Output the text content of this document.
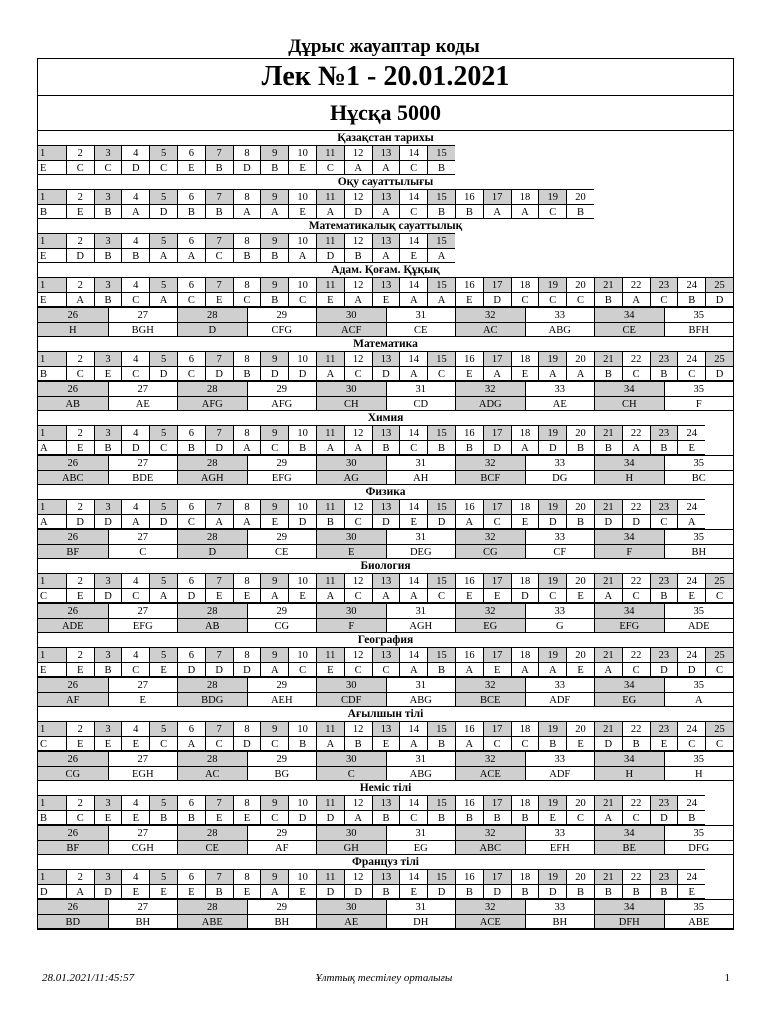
Дұрыс жауаптар коды
Лек №1 - 20.01.2021
Нұсқа 5000
Қазақстан тарихы
1	2	3	4	5	6	7	8	9	10	11	12	13	14	15
E	C	C	D	C	E	B	D	B	E	C	A	A	C	B
Оқу сауаттылығы
1	2	3	4	5	6	7	8	9	10	11	12	13	14	15	16	17	18	19	20
B	E	B	A	D	B	B	A	A	E	A	D	A	C	B	B	A	A	C	B
Математикалық сауаттылық
1	2	3	4	5	6	7	8	9	10	11	12	13	14	15
E	D	B	B	A	A	C	B	B	A	D	B	A	E	A
Адам. Қоғам. Құқық
1	2	3	4	5	6	7	8	9	10	11	12	13	14	15	16	17	18	19	20	21	22	23	24	25
E	A	B	C	A	C	E	C	B	C	E	A	E	A	A	E	D	C	C	C	B	A	C	B	D
26	27	28	29	30	31	32	33	34	35
H	BGH	D	CFG	ACF	CE	AC	ABG	CE	BFH
Математика
1	2	3	4	5	6	7	8	9	10	11	12	13	14	15	16	17	18	19	20	21	22	23	24	25
B	C	E	C	D	C	D	B	D	D	A	C	D	A	C	E	A	E	A	A	B	C	B	C	D
26	27	28	29	30	31	32	33	34	35
AB	AE	AFG	AFG	CH	CD	ADG	AE	CH	F
Химия
1	2	3	4	5	6	7	8	9	10	11	12	13	14	15	16	17	18	19	20	21	22	23	24
A	E	B	D	C	B	D	A	C	B	A	A	B	C	B	B	D	A	D	B	B	A	B	E
26	27	28	29	30	31	32	33	34	35
ABC	BDE	AGH	EFG	AG	AH	BCF	DG	H	BC
Физика
1	2	3	4	5	6	7	8	9	10	11	12	13	14	15	16	17	18	19	20	21	22	23	24
A	D	D	A	D	C	A	A	E	D	B	C	D	E	D	A	C	E	D	B	D	D	C	A
26	27	28	29	30	31	32	33	34	35
BF	C	D	CE	E	DEG	CG	CF	F	BH
Биология
1	2	3	4	5	6	7	8	9	10	11	12	13	14	15	16	17	18	19	20	21	22	23	24	25
C	E	D	C	A	D	E	E	A	E	A	C	A	A	C	E	E	D	C	E	A	C	B	E	C
26	27	28	29	30	31	32	33	34	35
ADE	EFG	AB	CG	F	AGH	EG	G	EFG	ADE
География
1	2	3	4	5	6	7	8	9	10	11	12	13	14	15	16	17	18	19	20	21	22	23	24	25
E	E	B	C	E	D	D	D	A	C	E	C	C	A	B	A	E	A	A	E	A	C	D	D	C
26	27	28	29	30	31	32	33	34	35
AF	E	BDG	AEH	CDF	ABG	BCE	ADF	EG	A
Ағылшын тілі
1	2	3	4	5	6	7	8	9	10	11	12	13	14	15	16	17	18	19	20	21	22	23	24	25
C	E	E	E	C	A	C	D	C	B	A	B	E	A	B	A	C	C	B	E	D	B	E	C	C
26	27	28	29	30	31	32	33	34	35
CG	EGH	AC	BG	C	ABG	ACE	ADF	H	H
Неміс тілі
1	2	3	4	5	6	7	8	9	10	11	12	13	14	15	16	17	18	19	20	21	22	23	24
B	C	E	E	B	B	E	E	C	D	D	A	B	C	B	B	B	B	E	C	A	C	D	B
26	27	28	29	30	31	32	33	34	35
BF	CGH	CE	AF	GH	EG	ABC	EFH	BE	DFG
Француз тілі
1	2	3	4	5	6	7	8	9	10	11	12	13	14	15	16	17	18	19	20	21	22	23	24
D	A	D	E	E	E	B	E	A	E	D	D	B	E	D	B	D	B	D	B	B	B	B	E
26	27	28	29	30	31	32	33	34	35
BD	BH	ABE	BH	AE	DH	ACE	BH	DFH	ABE
28.01.2021/11:45:57	Ұлттық тестілеу орталығы	1
